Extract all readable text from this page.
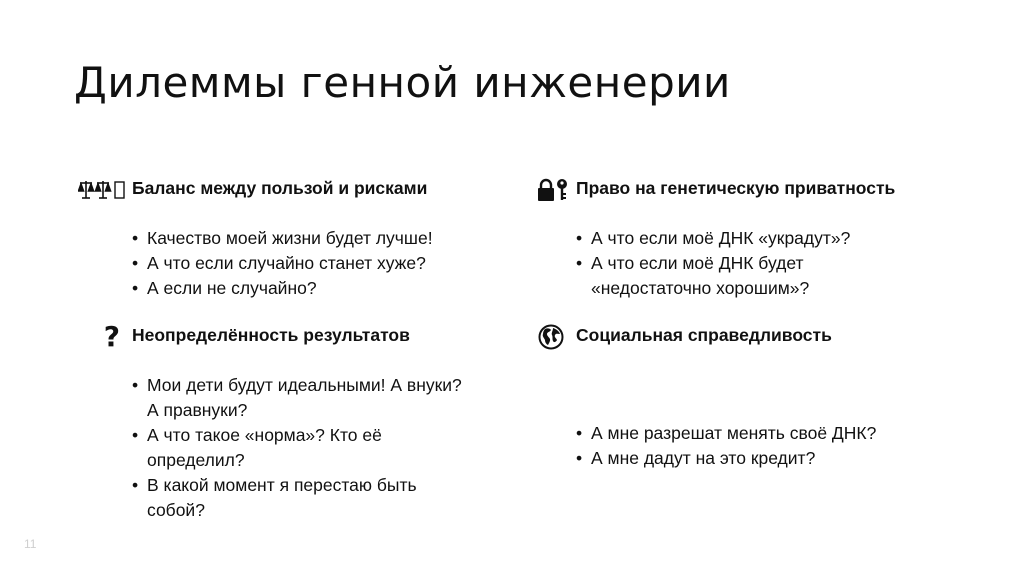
Дилеммы генной инженерии
Баланс между пользой и рисками
• Качество моей жизни будет лучше!
• А что если случайно станет хуже?
• А если не случайно?
? Неопределённость результатов
• Мои дети будут идеальными! А внуки? А правнуки?
• А что такое «норма»? Кто её определил?
• В какой момент я перестаю быть собой?
Право на генетическую приватность
• А что если моё ДНК «украдут»?
• А что если моё ДНК будет «недостаточно хорошим»?
Социальная справедливость
• А мне разрешат менять своё ДНК?
• А мне дадут на это кредит?
11
